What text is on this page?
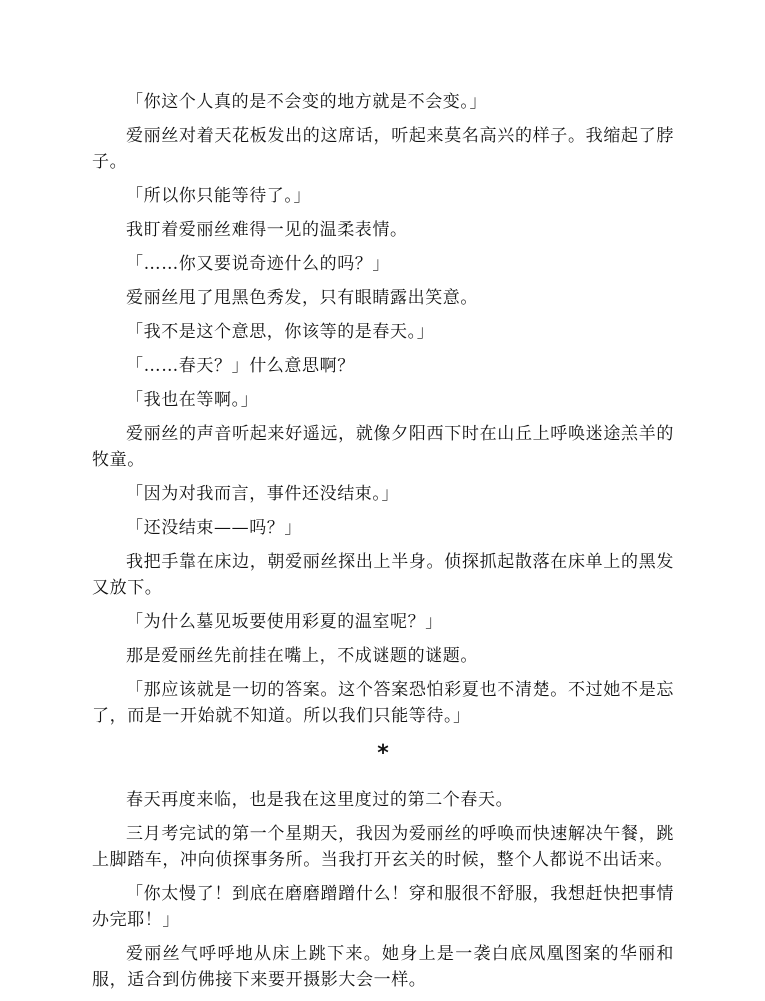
「你这个人真的是不会变的地方就是不会变。」

爱丽丝对着天花板发出的这席话，听起来莫名高兴的样子。我缩起了脖子。

「所以你只能等待了。」

我盯着爱丽丝难得一见的温柔表情。

「……你又要说奇迹什么的吗？」

爱丽丝甩了甩黑色秀发，只有眼睛露出笑意。

「我不是这个意思，你该等的是春天。」

「……春天？」什么意思啊？

「我也在等啊。」

爱丽丝的声音听起来好遥远，就像夕阳西下时在山丘上呼唤迷途羔羊的牧童。

「因为对我而言，事件还没结束。」

「还没结束——吗？」

我把手靠在床边，朝爱丽丝探出上半身。侦探抓起散落在床单上的黑发又放下。

「为什么墓见坂要使用彩夏的温室呢？」

那是爱丽丝先前挂在嘴上，不成谜题的谜题。

「那应该就是一切的答案。这个答案恐怕彩夏也不清楚。不过她不是忘了，而是一开始就不知道。所以我们只能等待。」

*

春天再度来临，也是我在这里度过的第二个春天。

三月考完试的第一个星期天，我因为爱丽丝的呼唤而快速解决午餐，跳上脚踏车，冲向侦探事务所。当我打开玄关的时候，整个人都说不出话来。

「你太慢了！到底在磨磨蹭蹭什么！穿和服很不舒服，我想赶快把事情办完耶！」

爱丽丝气呼呼地从床上跳下来。她身上是一袭白底凤凰图案的华丽和服，适合到仿佛接下来要开摄影大会一样。
